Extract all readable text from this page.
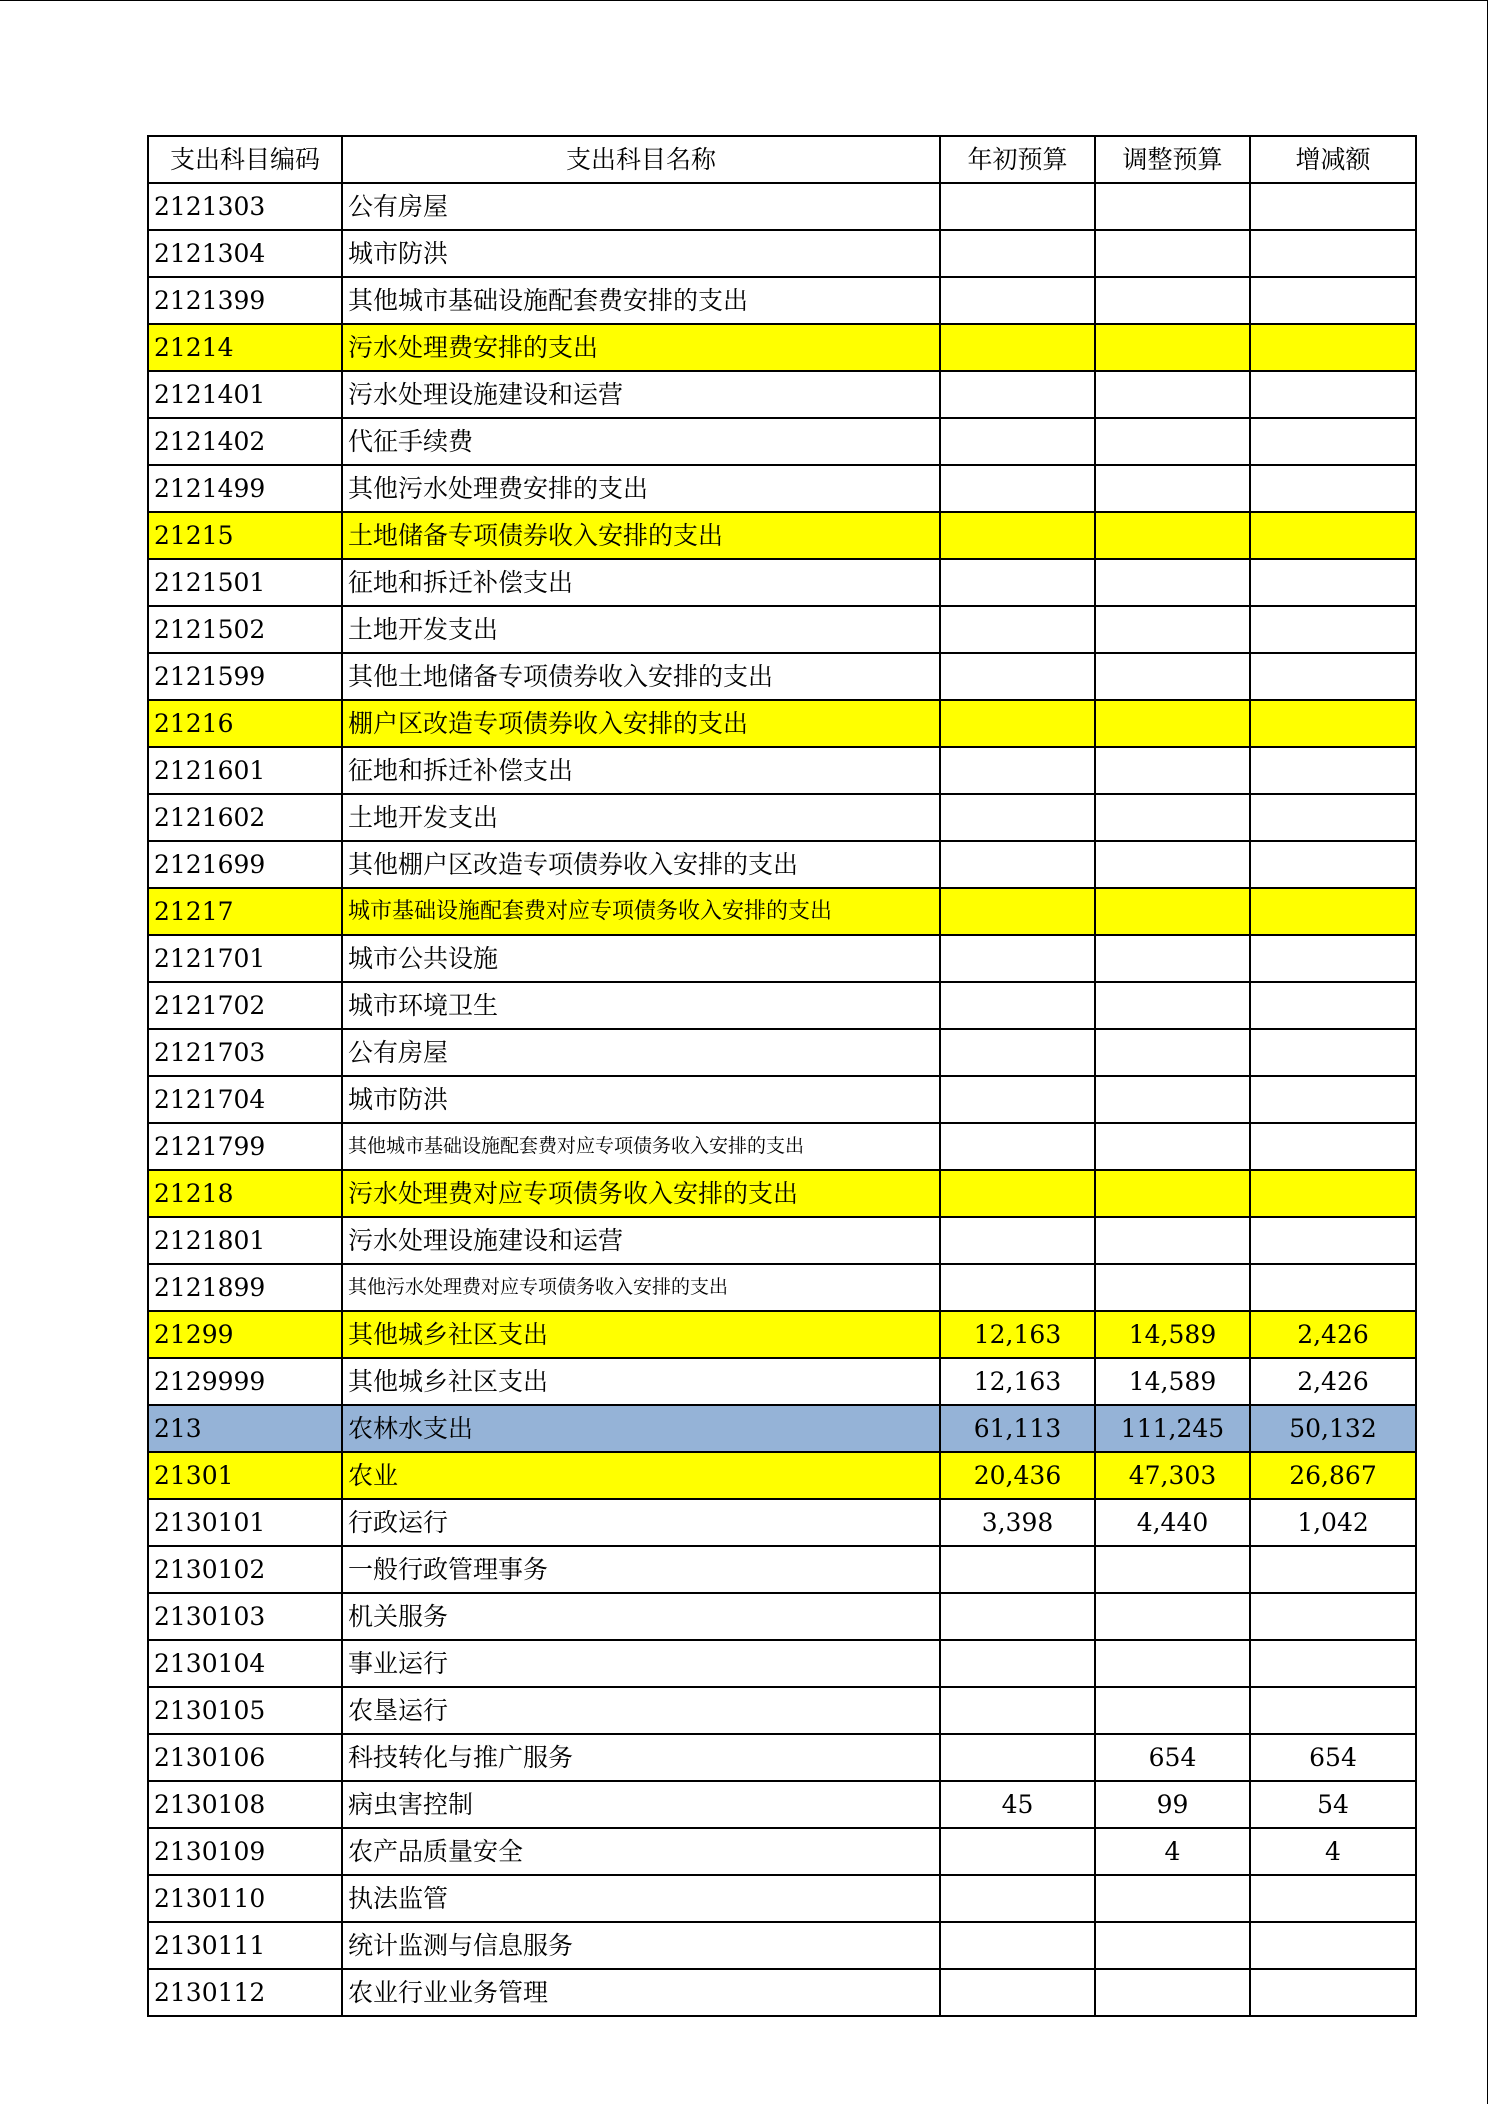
支出科目编码	支出科目名称	年初预算	调整预算	增减额
2121303	公有房屋			
2121304	城市防洪			
2121399	其他城市基础设施配套费安排的支出			
21214	污水处理费安排的支出			
2121401	污水处理设施建设和运营			
2121402	代征手续费			
2121499	其他污水处理费安排的支出			
21215	土地储备专项债券收入安排的支出			
2121501	征地和拆迁补偿支出			
2121502	土地开发支出			
2121599	其他土地储备专项债券收入安排的支出			
21216	棚户区改造专项债券收入安排的支出			
2121601	征地和拆迁补偿支出			
2121602	土地开发支出			
2121699	其他棚户区改造专项债券收入安排的支出			
21217	城市基础设施配套费对应专项债务收入安排的支出			
2121701	城市公共设施			
2121702	城市环境卫生			
2121703	公有房屋			
2121704	城市防洪			
2121799	其他城市基础设施配套费对应专项债务收入安排的支出			
21218	污水处理费对应专项债务收入安排的支出			
2121801	污水处理设施建设和运营			
2121899	其他污水处理费对应专项债务收入安排的支出			
21299	其他城乡社区支出	12,163	14,589	2,426
2129999	其他城乡社区支出	12,163	14,589	2,426
213	农林水支出	61,113	111,245	50,132
21301	农业	20,436	47,303	26,867
2130101	行政运行	3,398	4,440	1,042
2130102	一般行政管理事务			
2130103	机关服务			
2130104	事业运行			
2130105	农垦运行			
2130106	科技转化与推广服务		654	654
2130108	病虫害控制	45	99	54
2130109	农产品质量安全		4	4
2130110	执法监管			
2130111	统计监测与信息服务			
2130112	农业行业业务管理			
